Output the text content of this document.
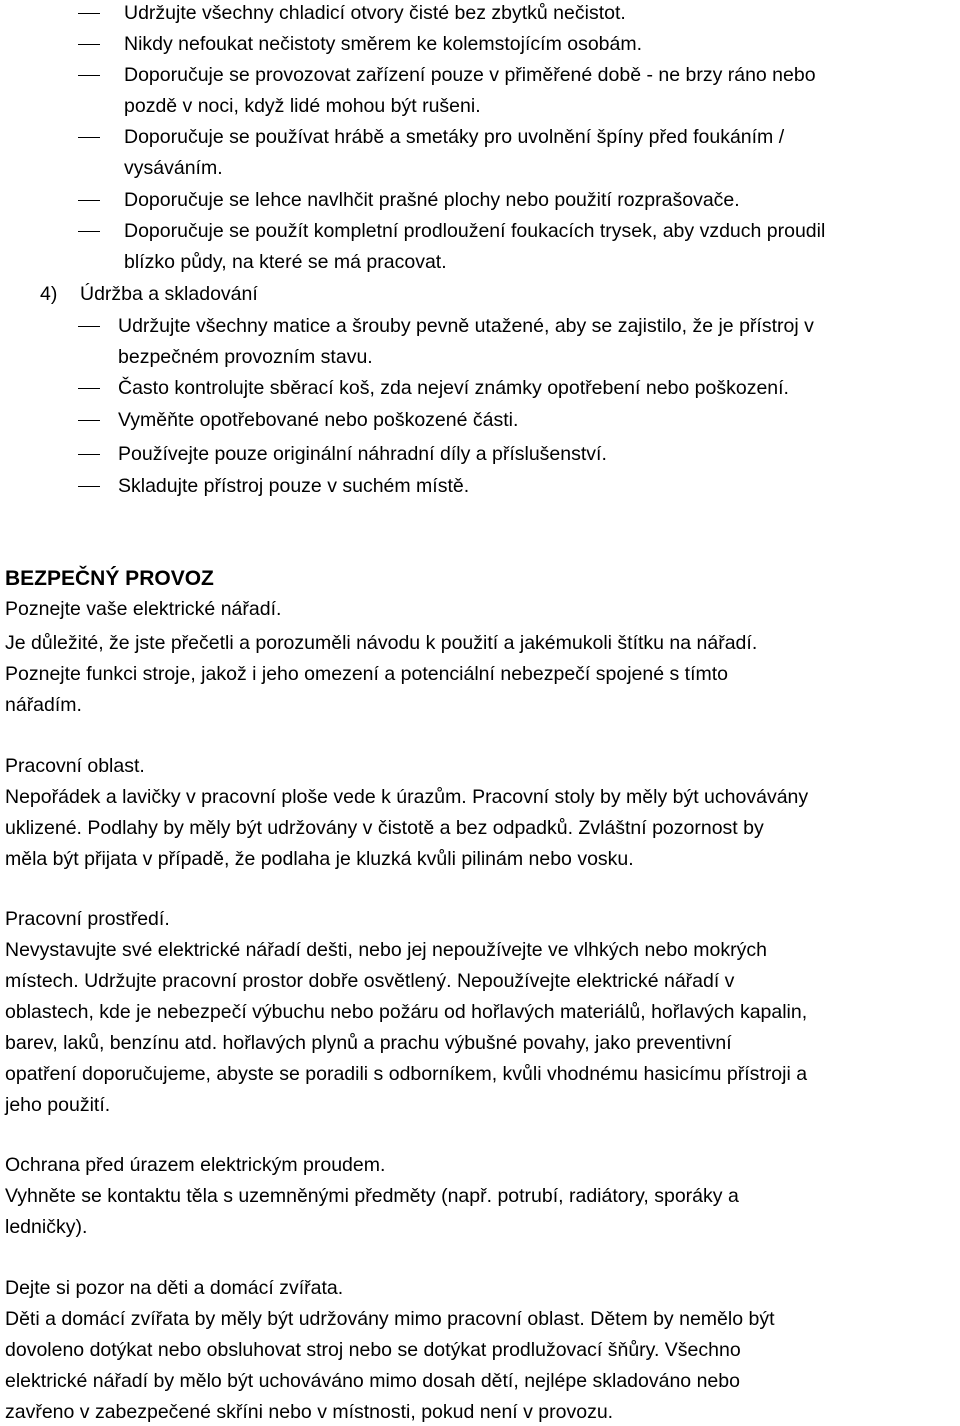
Udržujte všechny chladicí otvory čisté bez zbytků nečistot.
Nikdy nefoukat nečistoty směrem ke kolemstojícím osobám.
Doporučuje se provozovat zařízení pouze v přiměřené době - ne brzy ráno nebo
pozdě v noci, když lidé mohou být rušeni.
Doporučuje se používat hrábě a smetáky pro uvolnění špíny před foukáním /
vysáváním.
Doporučuje se lehce navlhčit prašné plochy nebo použití rozprašovače.
Doporučuje se použít kompletní prodloužení foukacích trysek, aby vzduch proudil
blízko půdy, na které se má pracovat.
4) Údržba a skladování
Udržujte všechny matice a šrouby pevně utažené, aby se zajistilo, že je přístroj v
bezpečném provozním stavu.
Často kontrolujte sběrací koš, zda nejeví známky opotřebení nebo poškození.
Vyměňte opotřebované nebo poškozené části.
Používejte pouze originální náhradní díly a příslušenství.
Skladujte přístroj pouze v suchém místě.
BEZPEČNÝ PROVOZ
Poznejte vaše elektrické nářadí.
Je důležité, že jste přečetli a porozuměli návodu k použití a jakémukoli štítku na nářadí.
Poznejte funkci stroje, jakož i jeho omezení a potenciální nebezpečí spojené s tímto
nářadím.
Pracovní oblast.
Nepořádek a lavičky v pracovní ploše vede k úrazům. Pracovní stoly by měly být uchovávány
uklizené. Podlahy by měly být udržovány v čistotě a bez odpadků. Zvláštní pozornost by
měla být přijata v případě, že podlaha je kluzká kvůli pilinám nebo vosku.
Pracovní prostředí.
Nevystavujte své elektrické nářadí dešti, nebo jej nepoužívejte ve vlhkých nebo mokrých
místech. Udržujte pracovní prostor dobře osvětlený. Nepoužívejte elektrické nářadí v
oblastech, kde je nebezpečí výbuchu nebo požáru od hořlavých materiálů, hořlavých kapalin,
barev, laků, benzínu atd. hořlavých plynů a prachu výbušné povahy, jako preventivní
opatření doporučujeme, abyste se poradili s odborníkem, kvůli vhodnému hasicímu přístroji a
jeho použití.
Ochrana před úrazem elektrickým proudem.
Vyhněte se kontaktu těla s uzemněnými předměty (např. potrubí, radiátory, sporáky a
ledničky).
Dejte si pozor na děti a domácí zvířata.
Děti a domácí zvířata by měly být udržovány mimo pracovní oblast. Dětem by nemělo být
dovoleno dotýkat nebo obsluhovat stroj nebo se dotýkat prodlužovací šňůry. Všechno
elektrické nářadí by mělo být uchováváno mimo dosah dětí, nejlépe skladováno nebo
zavřeno v zabezpečené skříni nebo v místnosti, pokud není v provozu.
